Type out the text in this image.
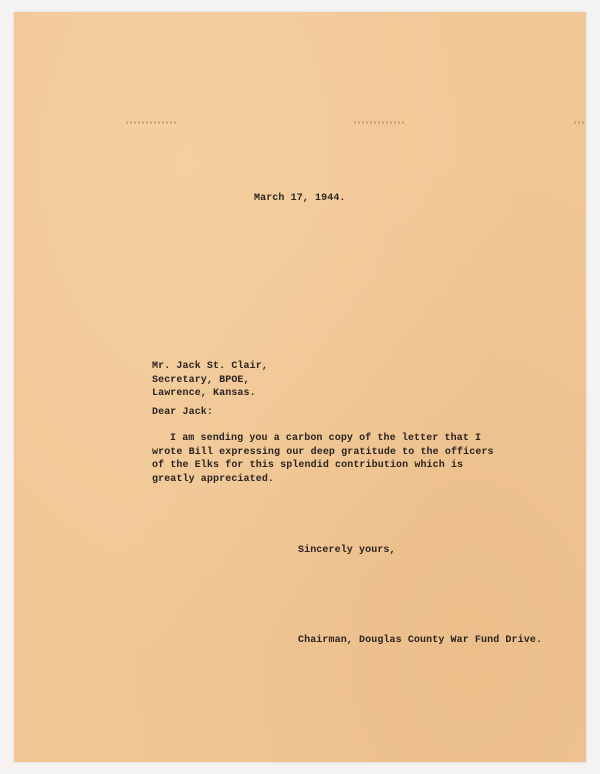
March 17, 1944.
Mr. Jack St. Clair,
Secretary, BPOE,
Lawrence, Kansas.
Dear Jack:
I am sending you a carbon copy of the letter that I
wrote Bill expressing our deep gratitude to the officers
of the Elks for this splendid contribution which is
greatly appreciated.
Sincerely yours,
Chairman, Douglas County War Fund Drive.
